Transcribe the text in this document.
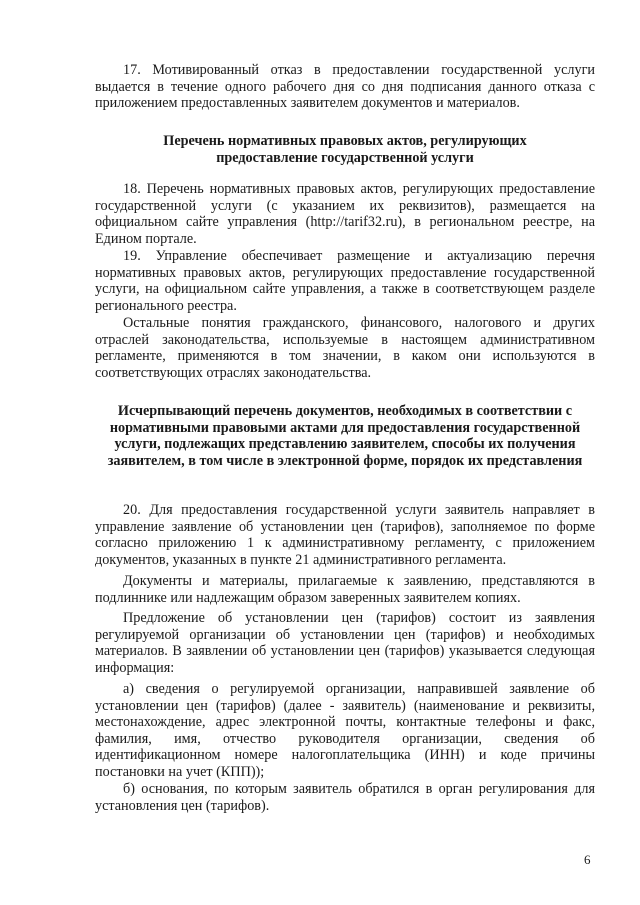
17. Мотивированный отказ в предоставлении государственной услуги выдается в течение одного рабочего дня со дня подписания данного отказа с приложением предоставленных заявителем документов и материалов.

Перечень нормативных правовых актов, регулирующих предоставление государственной услуги

18. Перечень нормативных правовых актов, регулирующих предоставление государственной услуги (с указанием их реквизитов), размещается на официальном сайте управления (http://tarif32.ru), в региональном реестре, на Едином портале.

19. Управление обеспечивает размещение и актуализацию перечня нормативных правовых актов, регулирующих предоставление государственной услуги, на официальном сайте управления, а также в соответствующем разделе регионального реестра.

Остальные понятия гражданского, финансового, налогового и других отраслей законодательства, используемые в настоящем административном регламенте, применяются в том значении, в каком они используются в соответствующих отраслях законодательства.

Исчерпывающий перечень документов, необходимых в соответствии с нормативными правовыми актами для предоставления государственной услуги, подлежащих представлению заявителем, способы их получения заявителем, в том числе в электронной форме, порядок их представления

20. Для предоставления государственной услуги заявитель направляет в управление заявление об установлении цен (тарифов), заполняемое по форме согласно приложению 1 к административному регламенту, с приложением документов, указанных в пункте 21 административного регламента.

Документы и материалы, прилагаемые к заявлению, представляются в подлиннике или надлежащим образом заверенных заявителем копиях.

Предложение об установлении цен (тарифов) состоит из заявления регулируемой организации об установлении цен (тарифов) и необходимых материалов. В заявлении об установлении цен (тарифов) указывается следующая информация:

а) сведения о регулируемой организации, направившей заявление об установлении цен (тарифов) (далее - заявитель) (наименование и реквизиты, местонахождение, адрес электронной почты, контактные телефоны и факс, фамилия, имя, отчество руководителя организации, сведения об идентификационном номере налогоплательщика (ИНН) и коде причины постановки на учет (КПП));

б) основания, по которым заявитель обратился в орган регулирования для установления цен (тарифов).

6
